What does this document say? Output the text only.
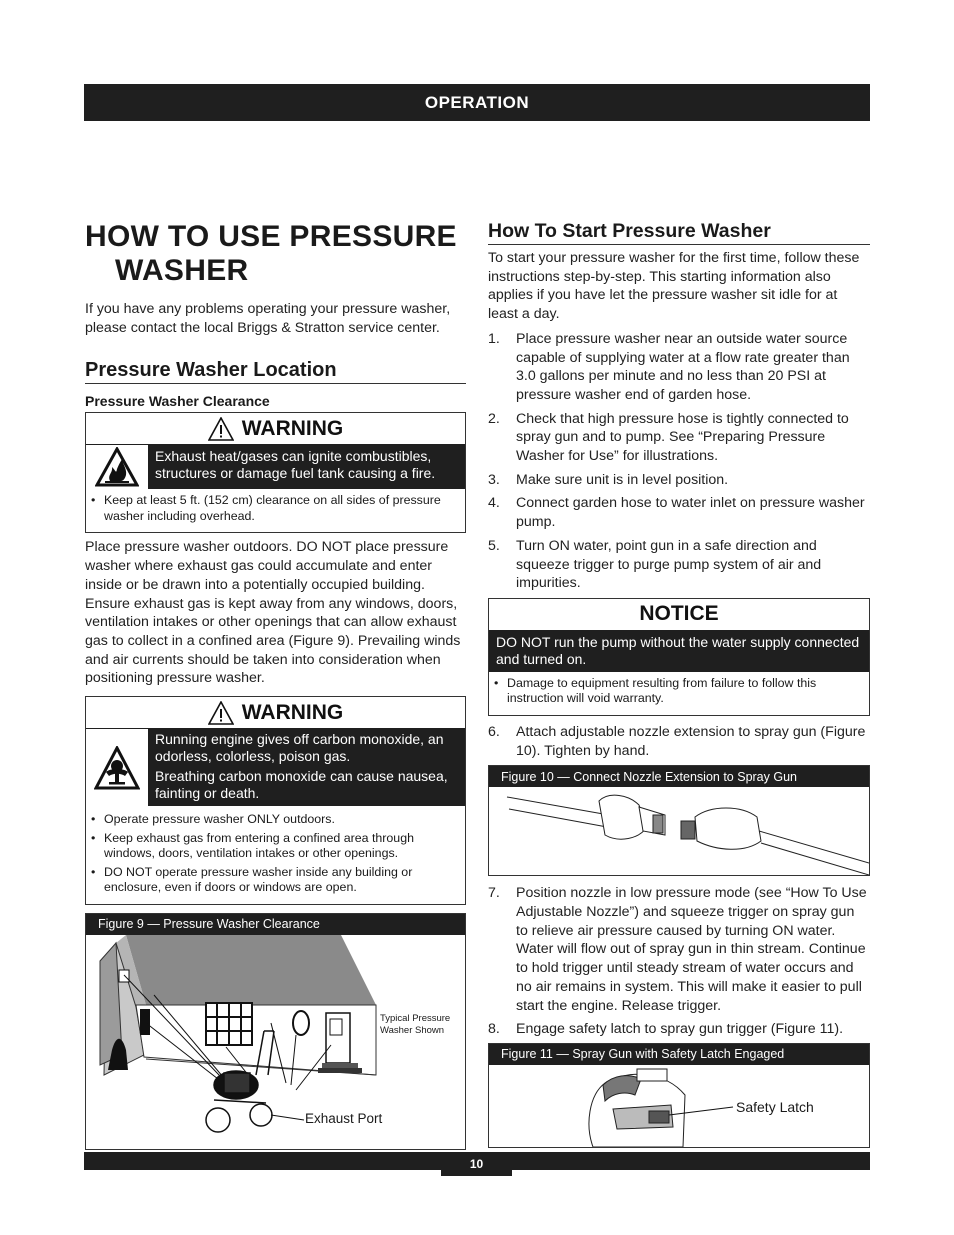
OPERATION
HOW TO USE PRESSURE
WASHER

If you have any problems operating your pressure washer, please contact the local Briggs & Stratton service center.

Pressure Washer Location
Pressure Washer Clearance
WARNING
Exhaust heat/gases can ignite combustibles, structures or damage fuel tank causing a fire.
• Keep at least 5 ft. (152 cm) clearance on all sides of pressure washer including overhead.

Place pressure washer outdoors. DO NOT place pressure washer where exhaust gas could accumulate and enter inside or be drawn into a potentially occupied building. Ensure exhaust gas is kept away from any windows, doors, ventilation intakes or other openings that can allow exhaust gas to collect in a confined area (Figure 9). Prevailing winds and air currents should be taken into consideration when positioning pressure washer.

WARNING
Running engine gives off carbon monoxide, an odorless, colorless, poison gas.
Breathing carbon monoxide can cause nausea, fainting or death.
• Operate pressure washer ONLY outdoors.
• Keep exhaust gas from entering a confined area through windows, doors, ventilation intakes or other openings.
• DO NOT operate pressure washer inside any building or enclosure, even if doors or windows are open.
Figure 9 — Pressure Washer Clearance
Typical Pressure
Washer Shown
Exhaust Port
How To Start Pressure Washer

To start your pressure washer for the first time, follow these instructions step-by-step. This starting information also applies if you have let the pressure washer sit idle for at least a day.

1.	Place pressure washer near an outside water source capable of supplying water at a flow rate greater than 3.0 gallons per minute and no less than 20 PSI at pressure washer end of garden hose.
2.	Check that high pressure hose is tightly connected to spray gun and to pump. See “Preparing Pressure Washer for Use” for illustrations.
3.	Make sure unit is in level position.
4.	Connect garden hose to water inlet on pressure washer pump.
5.	Turn ON water, point gun in a safe direction and squeeze trigger to purge pump system of air and impurities.
NOTICE
DO NOT run the pump without the water supply connected and turned on.
• Damage to equipment resulting from failure to follow this instruction will void warranty.
6.	Attach adjustable nozzle extension to spray gun (Figure 10). Tighten by hand.
Figure 10 — Connect Nozzle Extension to Spray Gun
7.	Position nozzle in low pressure mode (see “How To Use Adjustable Nozzle”) and squeeze trigger on spray gun to relieve air pressure caused by turning ON water. Water will flow out of spray gun in thin stream. Continue to hold trigger until steady stream of water occurs and no air remains in system. This will make it easier to pull start the engine. Release trigger.
8.	Engage safety latch to spray gun trigger (Figure 11).
Figure 11 — Spray Gun with Safety Latch Engaged
Safety Latch
10
